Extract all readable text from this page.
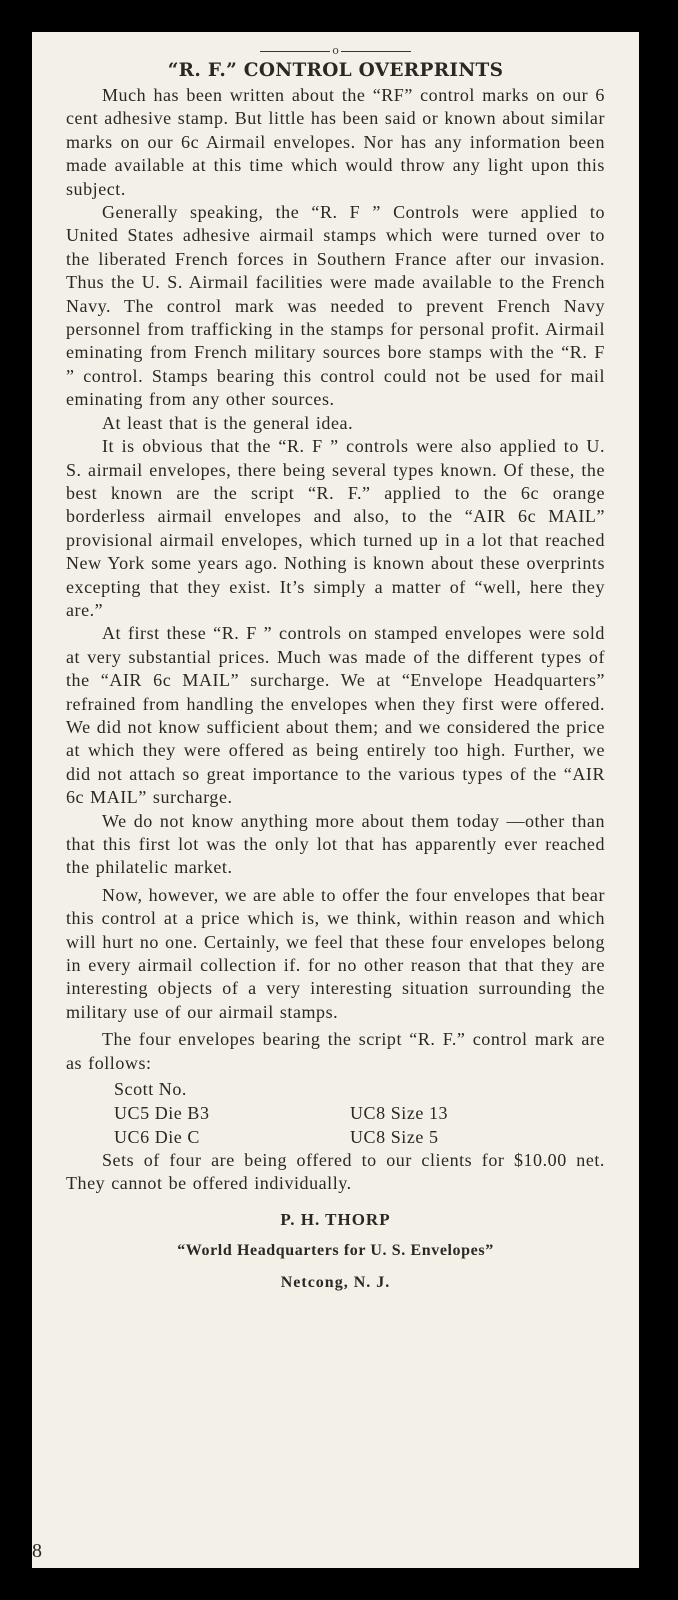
o
“R. F.” CONTROL OVERPRINTS

Much has been written about the “RF” control marks on our 6 cent adhesive stamp. But little has been said or known about similar marks on our 6c Airmail envelopes. Nor has any information been made available at this time which would throw any light upon this subject.

Generally speaking, the “R. F ” Controls were applied to United States adhesive airmail stamps which were turned over to the liberated French forces in Southern France after our invasion. Thus the U. S. Airmail facilities were made available to the French Navy. The control mark was needed to prevent French Navy personnel from trafficking in the stamps for personal profit. Airmail eminating from French military sources bore stamps with the “R. F ” control. Stamps bearing this control could not be used for mail eminating from any other sources.

At least that is the general idea.

It is obvious that the “R. F ” controls were also applied to U. S. airmail envelopes, there being several types known. Of these, the best known are the script “R. F.” applied to the 6c orange borderless airmail envelopes and also, to the “AIR 6c MAIL” provisional airmail envelopes, which turned up in a lot that reached New York some years ago. Nothing is known about these overprints excepting that they exist. It’s simply a matter of “well, here they are.”

At first these “R. F ” controls on stamped envelopes were sold at very substantial prices. Much was made of the different types of the “AIR 6c MAIL” surcharge. We at “Envelope Headquarters” refrained from handling the envelopes when they first were offered. We did not know sufficient about them; and we considered the price at which they were offered as being entirely too high. Further, we did not attach so great importance to the various types of the “AIR 6c MAIL” surcharge.

We do not know anything more about them today —other than that this first lot was the only lot that has apparently ever reached the philatelic market.

Now, however, we are able to offer the four envelopes that bear this control at a price which is, we think, within reason and which will hurt no one. Certainly, we feel that these four envelopes belong in every airmail collection if. for no other reason that that they are interesting objects of a very interesting situation surrounding the military use of our airmail stamps.

The four envelopes bearing the script “R. F.” control mark are as follows:

Scott No.
UC5 Die B3	UC8 Size 13
UC6 Die C	UC8 Size 5

Sets of four are being offered to our clients for $10.00 net. They cannot be offered individually.

P. H. THORP
“World Headquarters for U. S. Envelopes”
Netcong, N. J.
8
